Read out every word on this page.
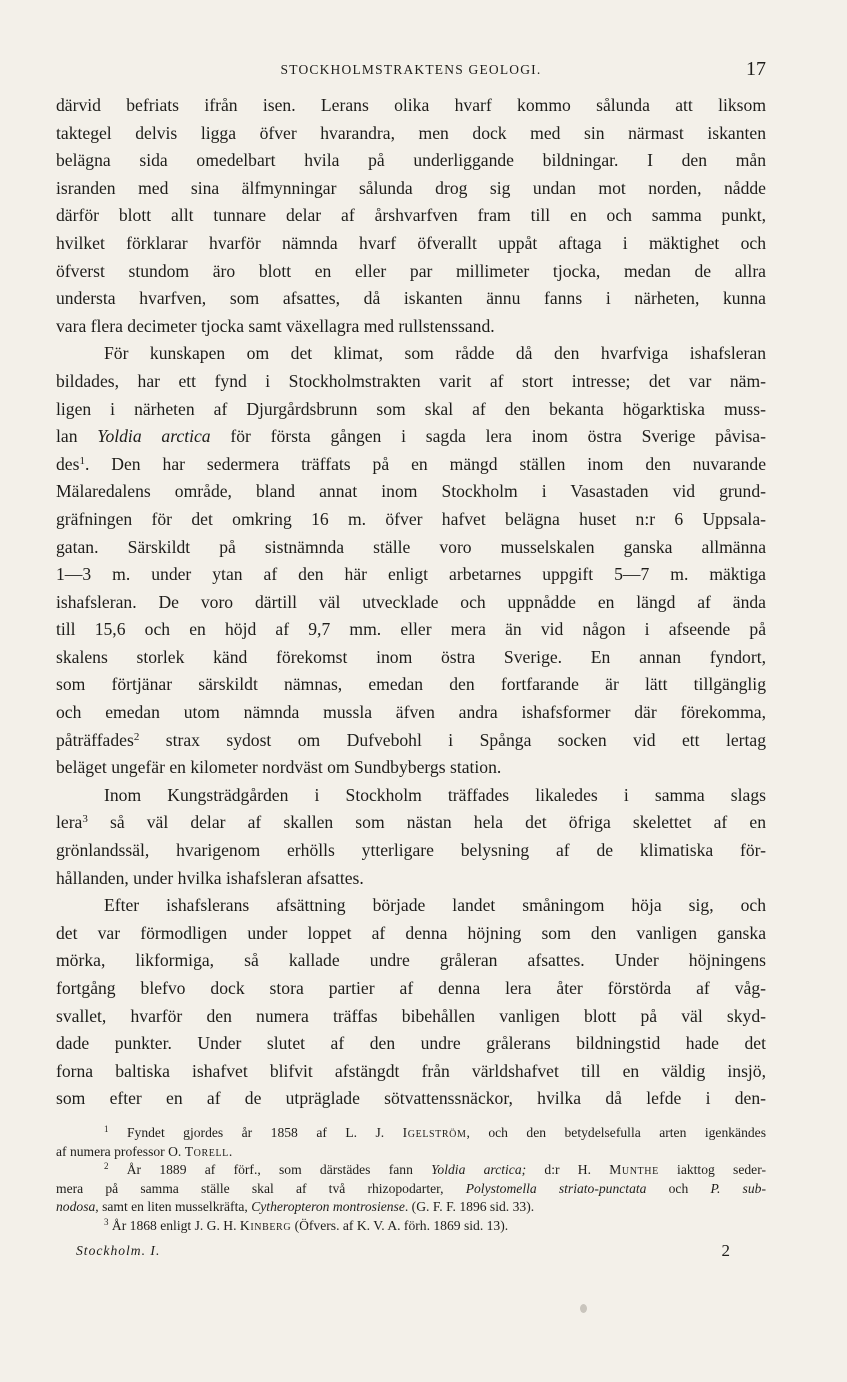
STOCKHOLMSTRAKTENS GEOLOGI.	17
därvid befriats ifrån isen. Lerans olika hvarf kommo sålunda att liksom
taktegel delvis ligga öfver hvarandra, men dock med sin närmast iskanten
belägna sida omedelbart hvila på underliggande bildningar. I den mån
isranden med sina älfmynningar sålunda drog sig undan mot norden, nådde
därför blott allt tunnare delar af årshvarfven fram till en och samma punkt,
hvilket förklarar hvarför nämnda hvarf öfverallt uppåt aftaga i mäktighet och
öfverst stundom äro blott en eller par millimeter tjocka, medan de allra
understa hvarfven, som afsattes, då iskanten ännu fanns i närheten, kunna
vara flera decimeter tjocka samt växellagra med rullstenssand.
För kunskapen om det klimat, som rådde då den hvarfviga ishafsleran
bildades, har ett fynd i Stockholmstrakten varit af stort intresse; det var näm-
ligen i närheten af Djurgårdsbrunn som skal af den bekanta högarktiska muss-
lan Yoldia arctica för första gången i sagda lera inom östra Sverige påvisa-
des$^1$. Den har sedermera träffats på en mängd ställen inom den nuvarande
Mälaredalens område, bland annat inom Stockholm i Vasastaden vid grund-
gräfningen för det omkring 16 m. öfver hafvet belägna huset n:r 6 Uppsala-
gatan. Särskildt på sistnämnda ställe voro musselskalen ganska allmänna
1—3 m. under ytan af den här enligt arbetarnes uppgift 5—7 m. mäktiga
ishafsleran. De voro därtill väl utvecklade och uppnådde en längd af ända
till 15,6 och en höjd af 9,7 mm. eller mera än vid någon i afseende på
skalens storlek känd förekomst inom östra Sverige. En annan fyndort,
som förtjänar särskildt nämnas, emedan den fortfarande är lätt tillgänglig
och emedan utom nämnda mussla äfven andra ishafsformer där förekomma,
påträffades$^2$ strax sydost om Dufvebohl i Spånga socken vid ett lertag
beläget ungefär en kilometer nordväst om Sundbybergs station.
Inom Kungsträdgården i Stockholm träffades likaledes i samma slags
lera$^3$ så väl delar af skallen som nästan hela det öfriga skelettet af en
grönlandssäl, hvarigenom erhölls ytterligare belysning af de klimatiska för-
hållanden, under hvilka ishafsleran afsattes.
Efter ishafslerans afsättning började landet småningom höja sig, och
det var förmodligen under loppet af denna höjning som den vanligen ganska
mörka, likformiga, så kallade undre gråleran afsattes. Under höjningens
fortgång blefvo dock stora partier af denna lera åter förstörda af våg-
svallet, hvarför den numera träffas bibehållen vanligen blott på väl skyd-
dade punkter. Under slutet af den undre grålerans bildningstid hade det
forna baltiska ishafvet blifvit afstängdt från världshafvet till en väldig insjö,
som efter en af de utpräglade sötvattenssnäckor, hvilka då lefde i den-
$^1$ Fyndet gjordes år 1858 af L. J. Igelström, och den betydelsefulla arten igenkändes
af numera professor O. Torell.
$^2$ År 1889 af förf., som därstädes fann Yoldia arctica; d:r H. Munthe iakttog seder-
mera på samma ställe skal af två rhizopodarter, Polystomella striato-punctata och P. sub-
nodosa, samt en liten musselkräfta, Cytheropteron montrosiense. (G. F. F. 1896 sid. 33).
$^3$ År 1868 enligt J. G. H. Kinberg (Öfvers. af K. V. A. förh. 1869 sid. 13).
Stockholm. I.	2
